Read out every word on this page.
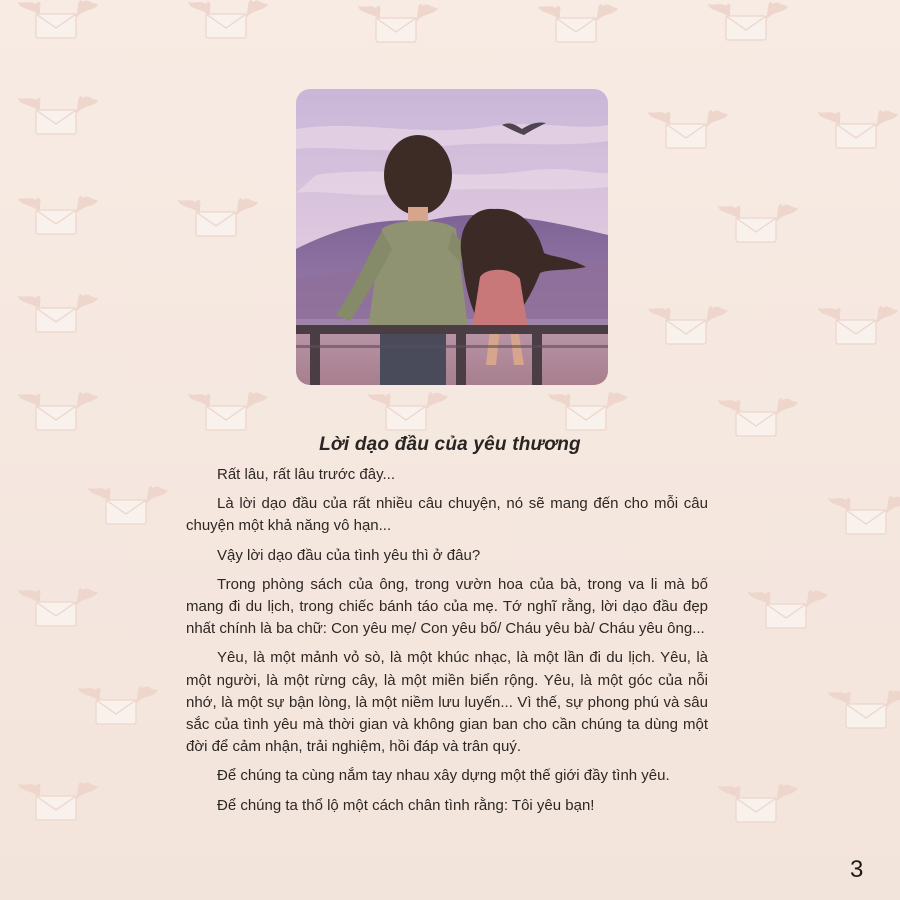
Lời dạo đầu của yêu thương

Rất lâu, rất lâu trước đây...

Là lời dạo đầu của rất nhiều câu chuyện, nó sẽ mang đến cho mỗi câu chuyện một khả năng vô hạn...

Vậy lời dạo đầu của tình yêu thì ở đâu?

Trong phòng sách của ông, trong vườn hoa của bà, trong va li mà bố mang đi du lịch, trong chiếc bánh táo của mẹ. Tớ nghĩ rằng, lời dạo đầu đẹp nhất chính là ba chữ: Con yêu mẹ/ Con yêu bố/ Cháu yêu bà/ Cháu yêu ông...

Yêu, là một mảnh vỏ sò, là một khúc nhạc, là một lần đi du lịch. Yêu, là một người, là một rừng cây, là một miền biển rộng. Yêu, là một góc của nỗi nhớ, là một sự bận lòng, là một niềm lưu luyến... Vì thế, sự phong phú và sâu sắc của tình yêu mà thời gian và không gian ban cho cần chúng ta dùng một đời để cảm nhận, trải nghiệm, hồi đáp và trân quý.

Để chúng ta cùng nắm tay nhau xây dựng một thế giới đầy tình yêu.

Để chúng ta thổ lộ một cách chân tình rằng: Tôi yêu bạn!

3
